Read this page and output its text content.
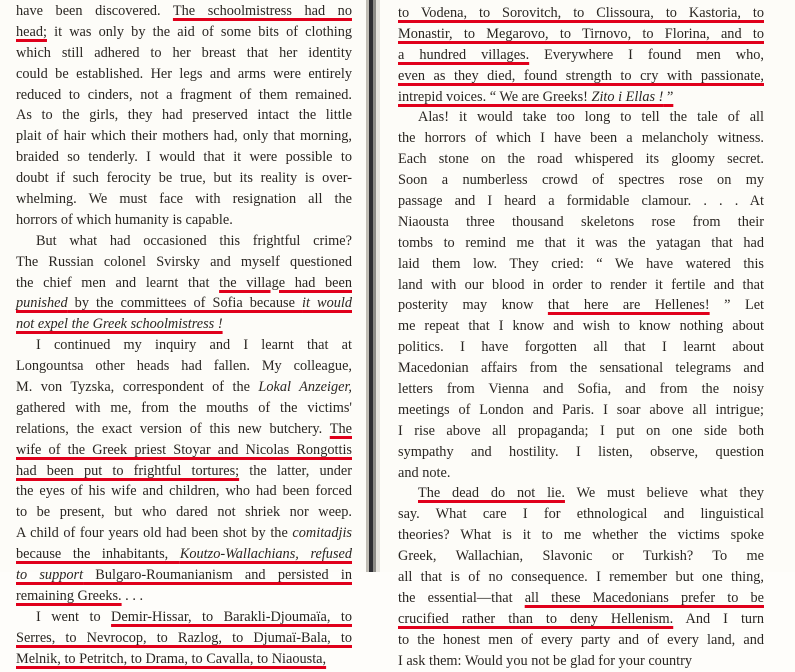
have been discovered. The schoolmistress had no
head; it was only by the aid of some bits of clothing
which still adhered to her breast that her identity
could be established. Her legs and arms were entirely
reduced to cinders, not a fragment of them remained.
As to the girls, they had preserved intact the little
plait of hair which their mothers had, only that morning,
braided so tenderly. I would that it were possible to
doubt if such ferocity be true, but its reality is over-
whelming. We must face with resignation all the
horrors of which humanity is capable.
But what had occasioned this frightful crime?
The Russian colonel Svirsky and myself questioned
the chief men and learnt that the village had been
punished by the committees of Sofia because it would
not expel the Greek schoolmistress !
I continued my inquiry and I learnt that at
Longountsa other heads had fallen. My colleague,
M. von Tyzska, correspondent of the Lokal Anzeiger,
gathered with me, from the mouths of the victims'
relations, the exact version of this new butchery. The
wife of the Greek priest Stoyar and Nicolas Rongottis
had been put to frightful tortures; the latter, under
the eyes of his wife and children, who had been forced
to be present, but who dared not shriek nor weep.
A child of four years old had been shot by the comitadjis
because the inhabitants, Koutzo-Wallachians, refused
to support Bulgaro-Roumanianism and persisted in
remaining Greeks. . . .
I went to Demir-Hissar, to Barakli-Djoumaïa, to
Serres, to Nevrocop, to Razlog, to Djumaï-Bala, to
Melnik, to Petritch, to Drama, to Cavalla, to Niaousta,
to Vodena, to Sorovitch, to Clissoura, to Kastoria, to
Monastir, to Megarovo, to Tirnovo, to Florina, and to
a hundred villages. Everywhere I found men who,
even as they died, found strength to cry with passionate,
intrepid voices. “ We are Greeks! Zito i Ellas ! ”
Alas! it would take too long to tell the tale of all
the horrors of which I have been a melancholy witness.
Each stone on the road whispered its gloomy secret.
Soon a numberless crowd of spectres rose on my
passage and I heard a formidable clamour. . . . At
Niaousta three thousand skeletons rose from their
tombs to remind me that it was the yatagan that had
laid them low. They cried: “ We have watered this
land with our blood in order to render it fertile and that
posterity may know that here are Hellenes! ” Let
me repeat that I know and wish to know nothing about
politics. I have forgotten all that I learnt about
Macedonian affairs from the sensational telegrams and
letters from Vienna and Sofia, and from the noisy
meetings of London and Paris. I soar above all intrigue;
I rise above all propaganda; I put on one side both
sympathy and hostility. I listen, observe, question
and note.
The dead do not lie. We must believe what they
say. What care I for ethnological and linguistical
theories? What is it to me whether the victims spoke
Greek, Wallachian, Slavonic or Turkish? To me
all that is of no consequence. I remember but one thing,
the essential—that all these Macedonians prefer to be
crucified rather than to deny Hellenism. And I turn
to the honest men of every party and of every land, and
I ask them: Would you not be glad for your country
